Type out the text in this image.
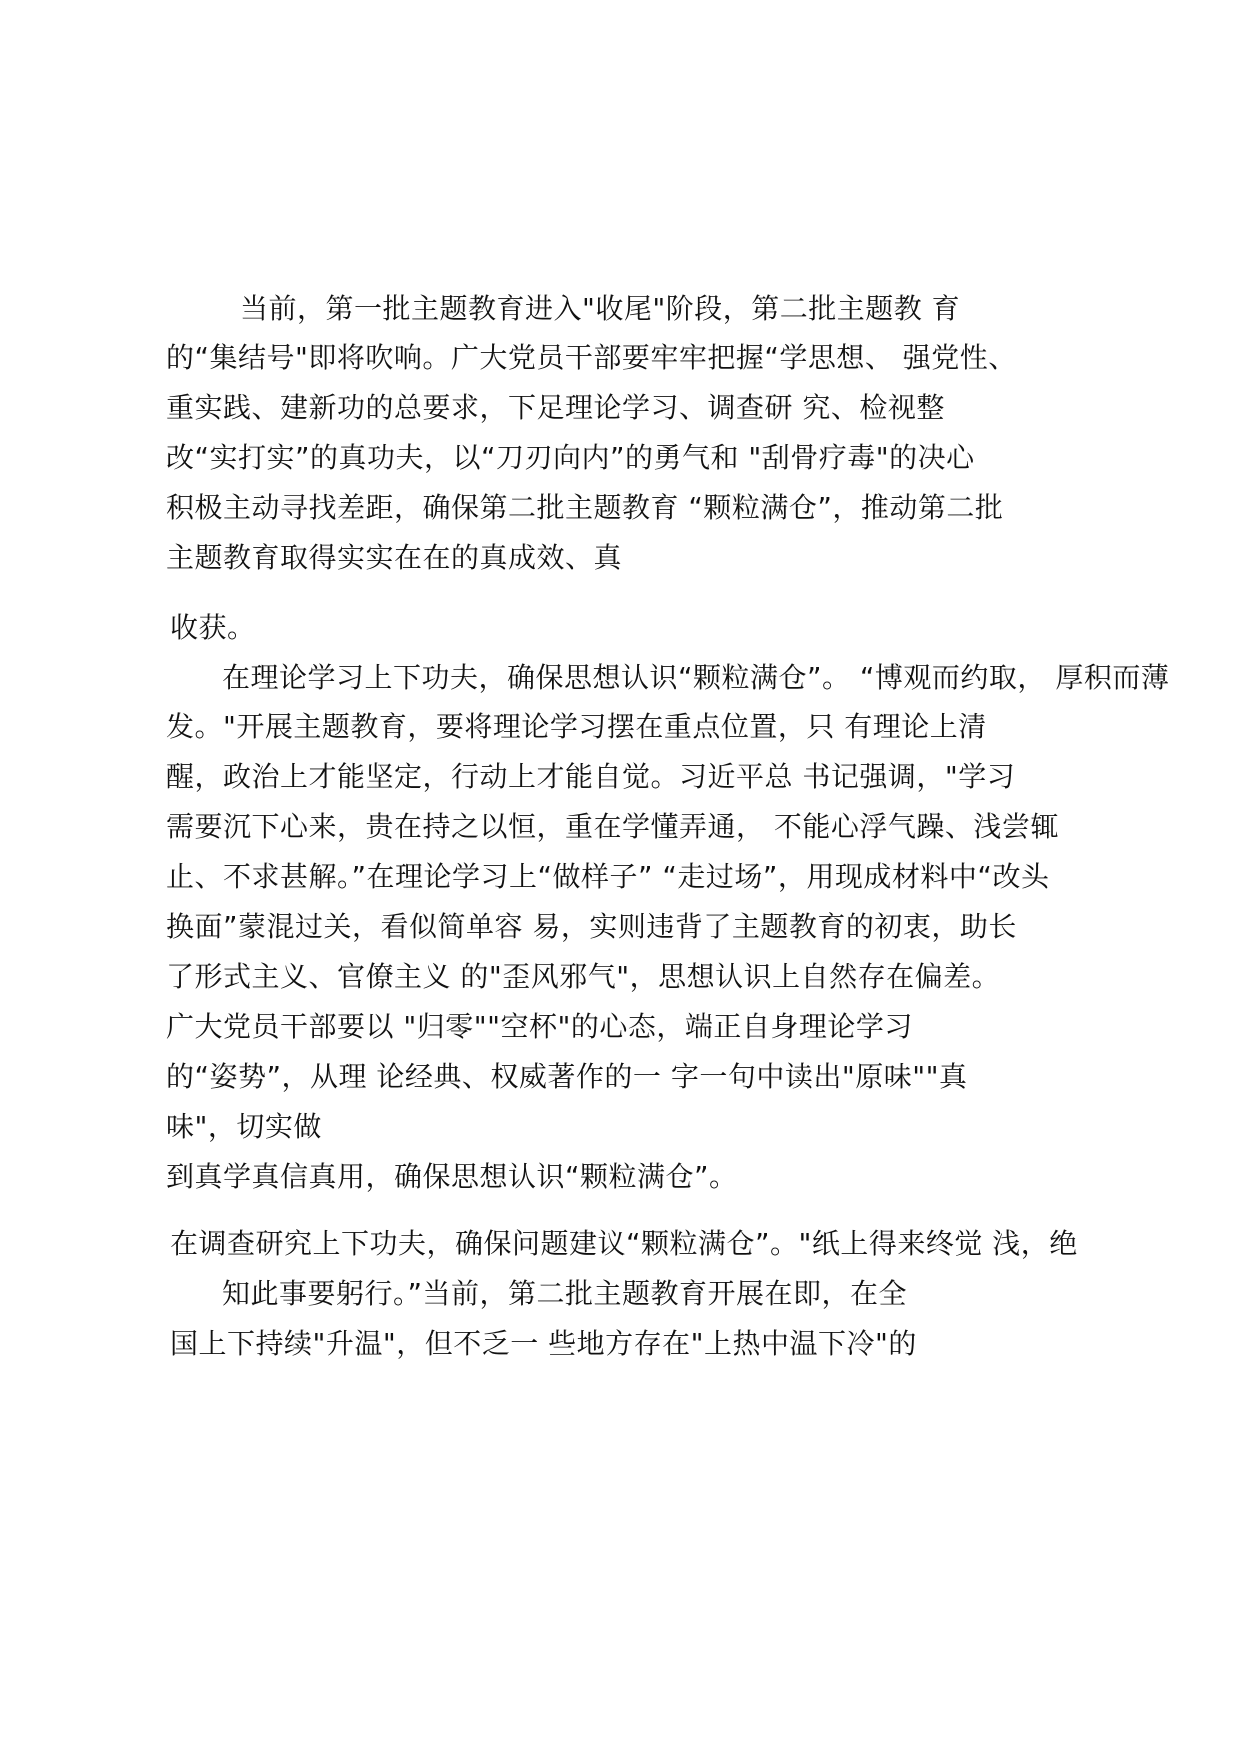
当前，第一批主题教育进入"收尾"阶段，第二批主题教 育
的“集结号"即将吹响。广大党员干部要牢牢把握“学思想、 强党性、
重实践、建新功的总要求，下足理论学习、调查研 究、检视整
改“实打实”的真功夫，以“刀刃向内”的勇气和 "刮骨疗毒"的决心
积极主动寻找差距，确保第二批主题教育 “颗粒满仓”，推动第二批
主题教育取得实实在在的真成效、真
收获。
在理论学习上下功夫，确保思想认识“颗粒满仓”。 “博观而约取， 厚积而薄
发。"开展主题教育，要将理论学习摆在重点位置，只 有理论上清
醒，政治上才能坚定，行动上才能自觉。习近平总 书记强调，"学习
需要沉下心来，贵在持之以恒，重在学懂弄通， 不能心浮气躁、浅尝辄
止、不求甚解。”在理论学习上“做样子” “走过场”，用现成材料中“改头
换面”蒙混过关，看似简单容 易，实则违背了主题教育的初衷，助长
了形式主义、官僚主义 的"歪风邪气"，思想认识上自然存在偏差。
广大党员干部要以 "归零""空杯"的心态，端正自身理论学习
的“姿势”，从理 论经典、权威著作的一 字一句中读出"原味""真
味"，切实做
到真学真信真用，确保思想认识“颗粒满仓”。
在调查研究上下功夫，确保问题建议“颗粒满仓”。"纸上得来终觉 浅，绝
知此事要躬行。”当前，第二批主题教育开展在即，在全
国上下持续"升温"，但不乏一 些地方存在"上热中温下冷"的
